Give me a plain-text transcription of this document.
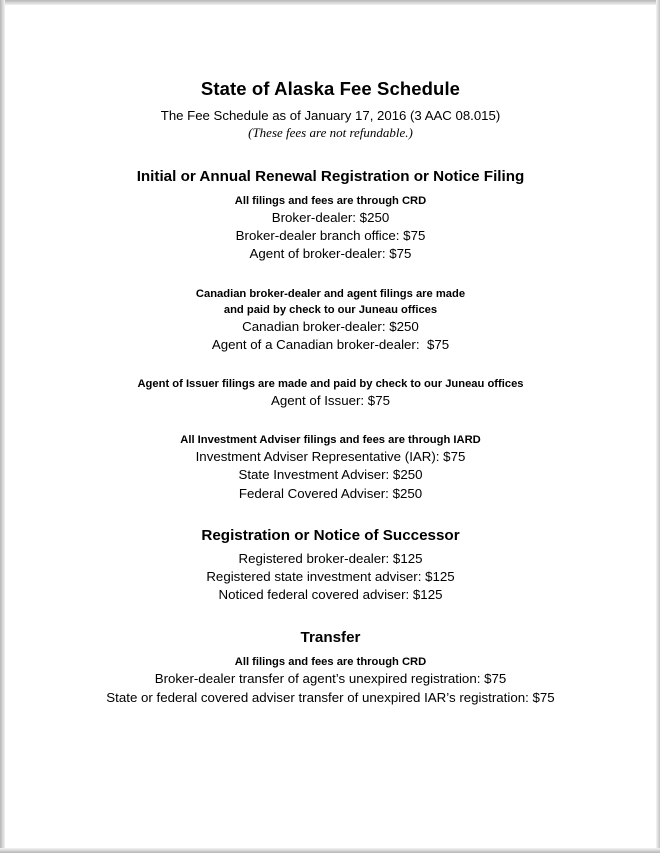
State of Alaska Fee Schedule

The Fee Schedule as of January 17, 2016 (3 AAC 08.015)

(These fees are not refundable.)

Initial or Annual Renewal Registration or Notice Filing

All filings and fees are through CRD

Broker-dealer: $250

Broker-dealer branch office: $75

Agent of broker-dealer: $75

Canadian broker-dealer and agent filings are made

and paid by check to our Juneau offices

Canadian broker-dealer: $250

Agent of a Canadian broker-dealer:  $75

Agent of Issuer filings are made and paid by check to our Juneau offices

Agent of Issuer: $75

All Investment Adviser filings and fees are through IARD

Investment Adviser Representative (IAR): $75

State Investment Adviser: $250

Federal Covered Adviser: $250

Registration or Notice of Successor

Registered broker-dealer: $125

Registered state investment adviser: $125

Noticed federal covered adviser: $125

Transfer

All filings and fees are through CRD

Broker-dealer transfer of agent’s unexpired registration: $75

State or federal covered adviser transfer of unexpired IAR’s registration: $75
